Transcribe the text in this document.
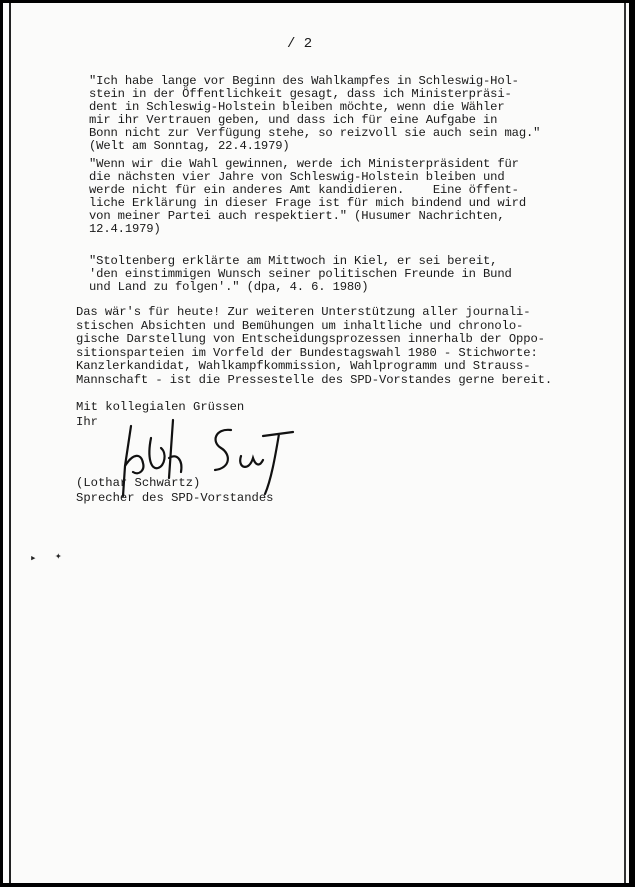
/ 2
"Ich habe lange vor Beginn des Wahlkampfes in Schleswig-Hol-
stein in der Öffentlichkeit gesagt, dass ich Ministerpräsi-
dent in Schleswig-Holstein bleiben möchte, wenn die Wähler
mir ihr Vertrauen geben, und dass ich für eine Aufgabe in
Bonn nicht zur Verfügung stehe, so reizvoll sie auch sein mag."
(Welt am Sonntag, 22.4.1979)
"Wenn wir die Wahl gewinnen, werde ich Ministerpräsident für
die nächsten vier Jahre von Schleswig-Holstein bleiben und
werde nicht für ein anderes Amt kandidieren.    Eine öffent-
liche Erklärung in dieser Frage ist für mich bindend und wird
von meiner Partei auch respektiert." (Husumer Nachrichten,
12.4.1979)
"Stoltenberg erklärte am Mittwoch in Kiel, er sei bereit,
'den einstimmigen Wunsch seiner politischen Freunde in Bund
und Land zu folgen'." (dpa, 4. 6. 1980)
Das wär's für heute! Zur weiteren Unterstützung aller journali-
stischen Absichten und Bemühungen um inhaltliche und chronolo-
gische Darstellung von Entscheidungsprozessen innerhalb der Oppo-
sitionsparteien im Vorfeld der Bundestagswahl 1980 - Stichworte:
Kanzlerkandidat, Wahlkampfkommission, Wahlprogramm und Strauss-
Mannschaft - ist die Pressestelle des SPD-Vorstandes gerne bereit.
Mit kollegialen Grüssen
Ihr
(Lothar Schwartz)
Sprecher des SPD-Vorstandes
▸ ✦
